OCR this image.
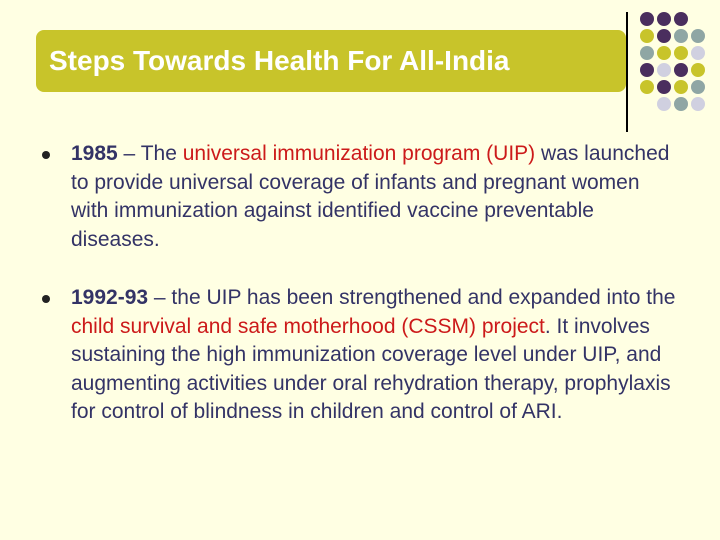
Steps Towards Health For All-India
1985 – The universal immunization program (UIP) was launched to provide universal coverage of infants and pregnant women with immunization against identified vaccine preventable diseases.
1992-93 – the UIP has been strengthened and expanded into the child survival and safe motherhood (CSSM) project. It involves sustaining the high immunization coverage level under UIP, and augmenting activities under oral rehydration therapy, prophylaxis for control of blindness in children and control of ARI.
